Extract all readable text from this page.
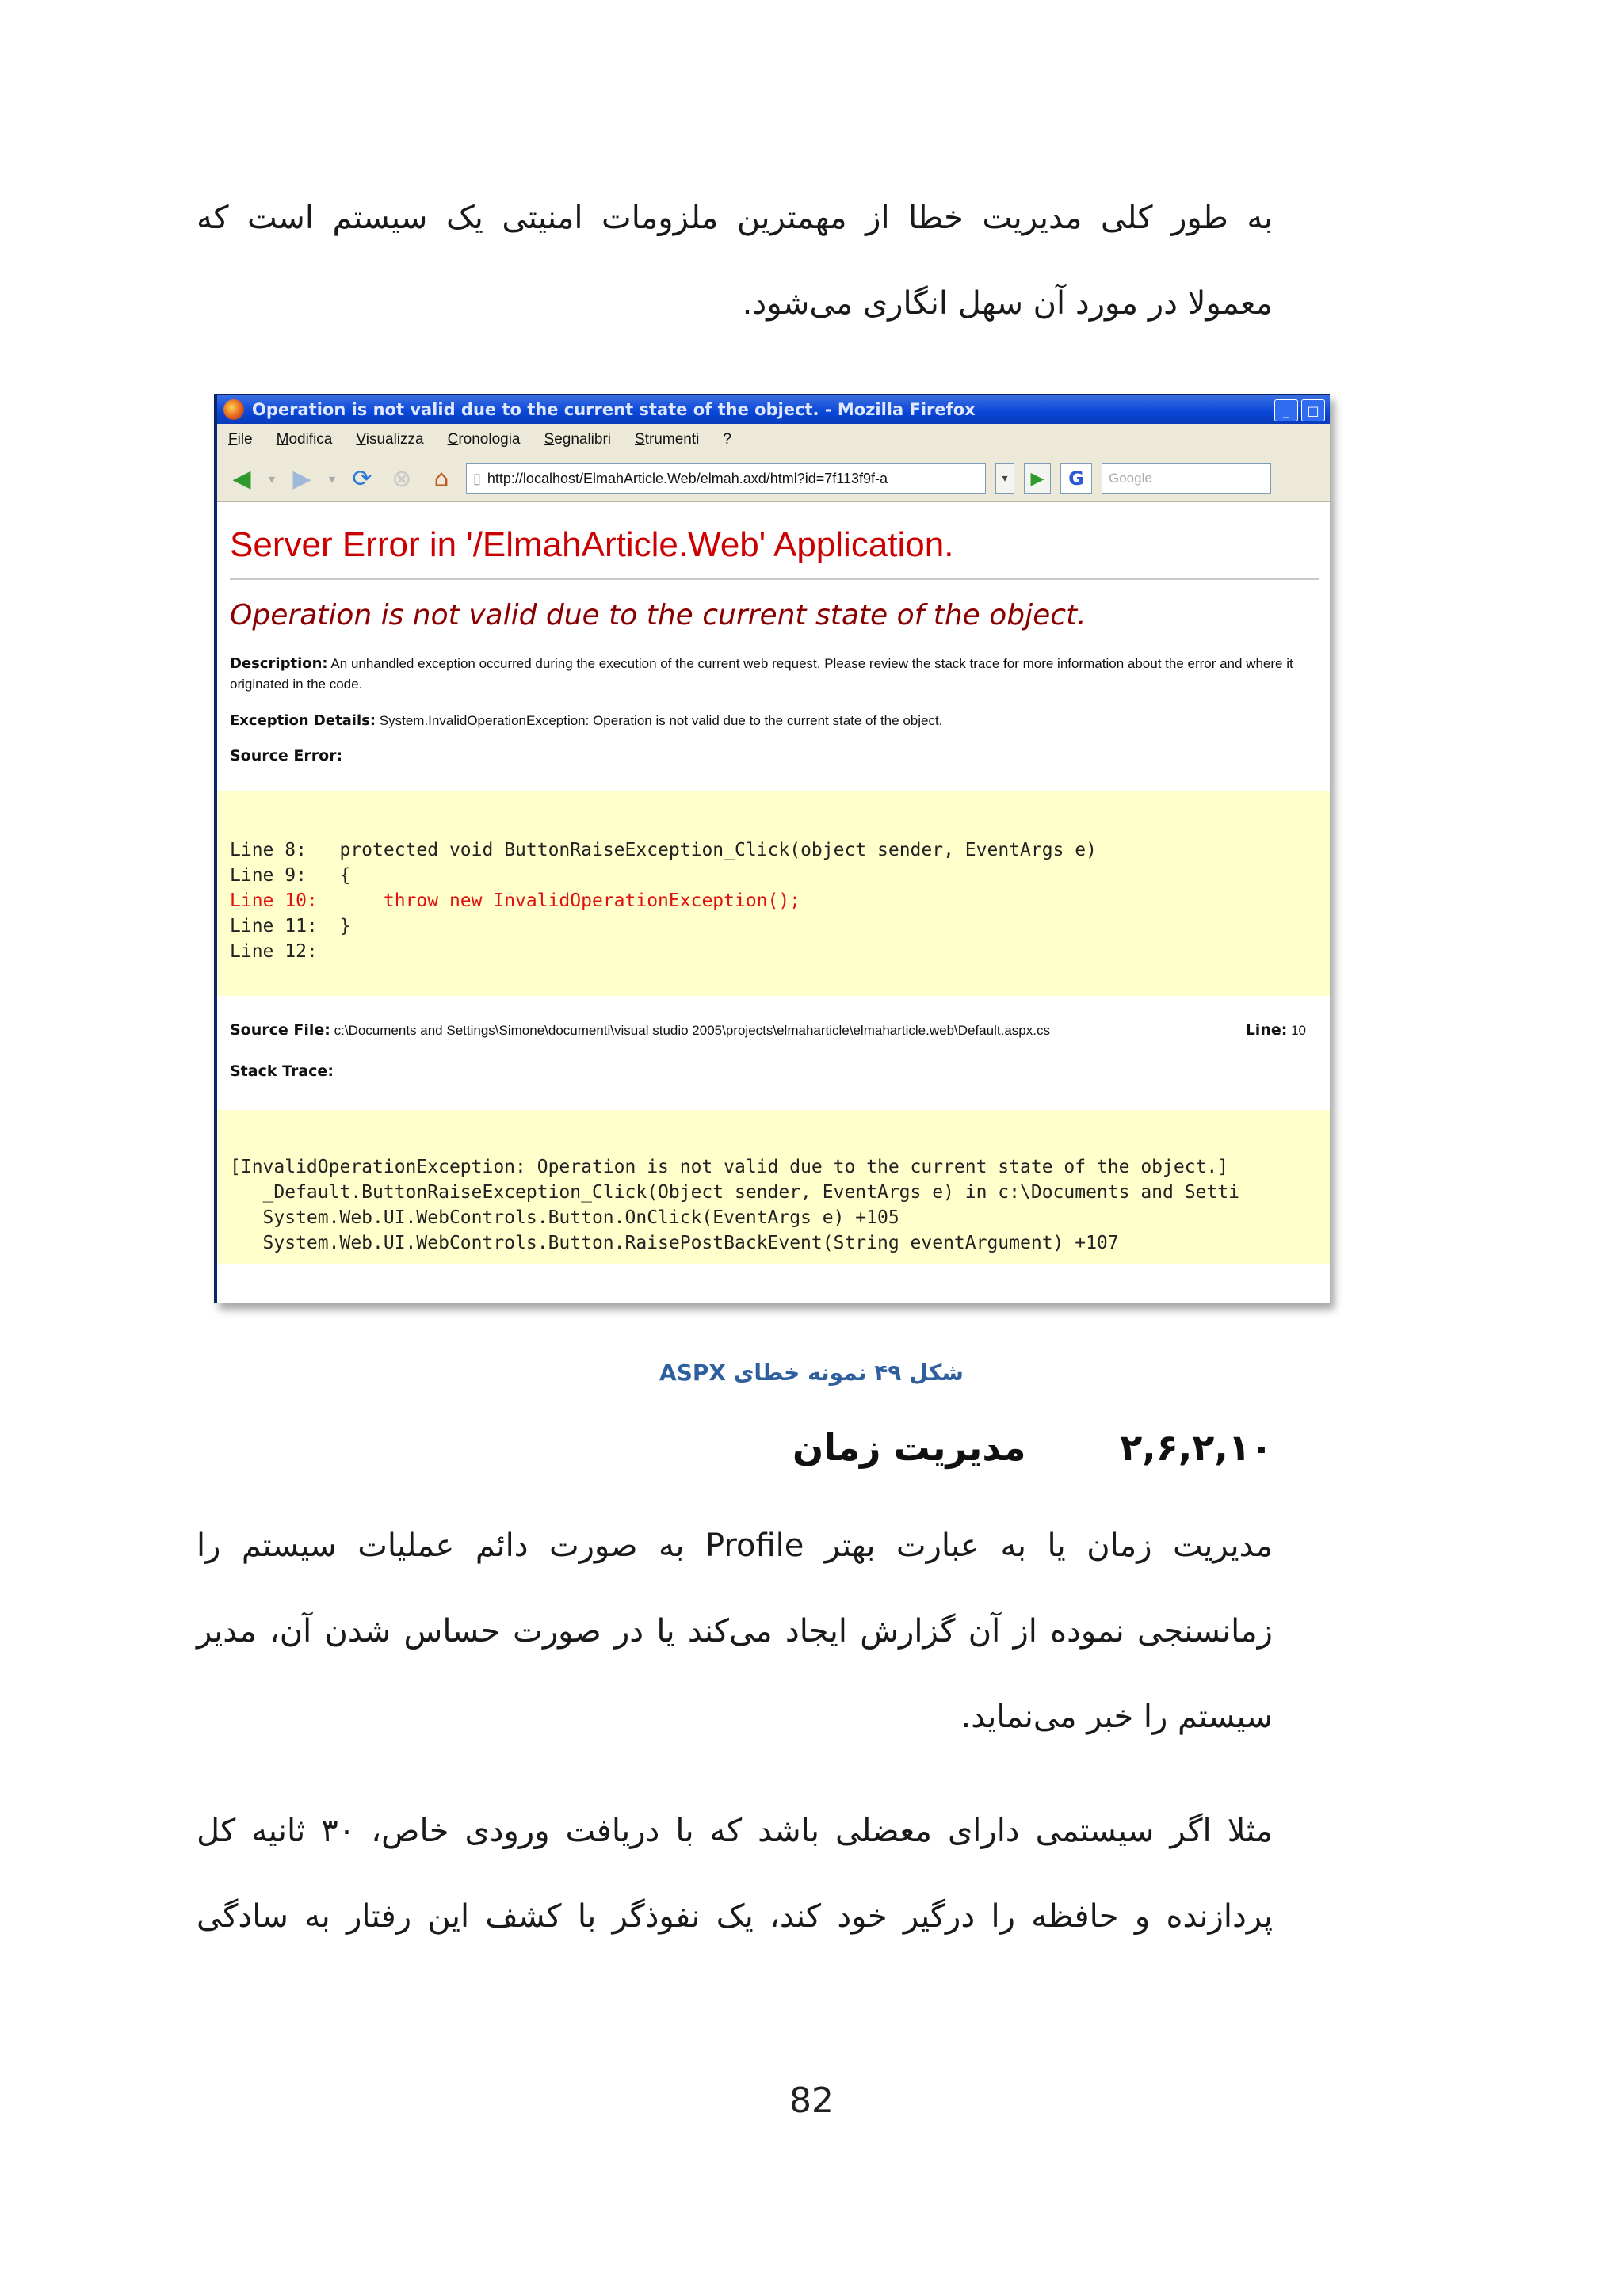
به طور کلی مدیریت خطا از مهمترین ملزومات امنیتی یک سیستم است که

معمولا در مورد آن سهل انگاری می‌شود.

Operation is not valid due to the current state of the object. - Mozilla Firefox	_	□
File Modifica Visualizza Cronologia Segnalibri Strumenti ?
◀	▾ ▶	▾ ⟳ ⊗ ⌂	▯ http://localhost/ElmahArticle.Web/elmah.axd/html?id=7f113f9f-a	▾	▶	G	Google
Server Error in '/ElmahArticle.Web' Application.
Operation is not valid due to the current state of the object.
Description: An unhandled exception occurred during the execution of the current web request. Please review the stack trace for more information about the error and where it originated in the code.
Exception Details: System.InvalidOperationException: Operation is not valid due to the current state of the object.
Source Error:
Line 8:   protected void ButtonRaiseException_Click(object sender, EventArgs e)
Line 9:   {
Line 10:      throw new InvalidOperationException();
Line 11:  }
Line 12:
Source File: c:\Documents and Settings\Simone\documenti\visual studio 2005\projects\elmaharticle\elmaharticle.web\Default.aspx.cs	Line: 10
Stack Trace:
[InvalidOperationException: Operation is not valid due to the current state of the object.]
_Default.ButtonRaiseException_Click(Object sender, EventArgs e) in c:\Documents and Setti
System.Web.UI.WebControls.Button.OnClick(EventArgs e) +105
System.Web.UI.WebControls.Button.RaisePostBackEvent(String eventArgument) +107
شکل ۴۹ نمونه خطای ASPX
۲,۶,۲,۱۰
مدیریت زمان

مدیریت زمان یا به عبارت بهتر Profile به صورت دائم عملیات سیستم را

زمانسنجی نموده از آن گزارش ایجاد می‌کند یا در صورت حساس شدن آن، مدیر

سیستم را خبر می‌نماید.

مثلا اگر سیستمی دارای معضلی باشد که با دریافت ورودی خاص، ۳۰ ثانیه کل

پردازنده و حافظه را درگیر خود کند، یک نفوذگر با کشف این رفتار به سادگی

82
